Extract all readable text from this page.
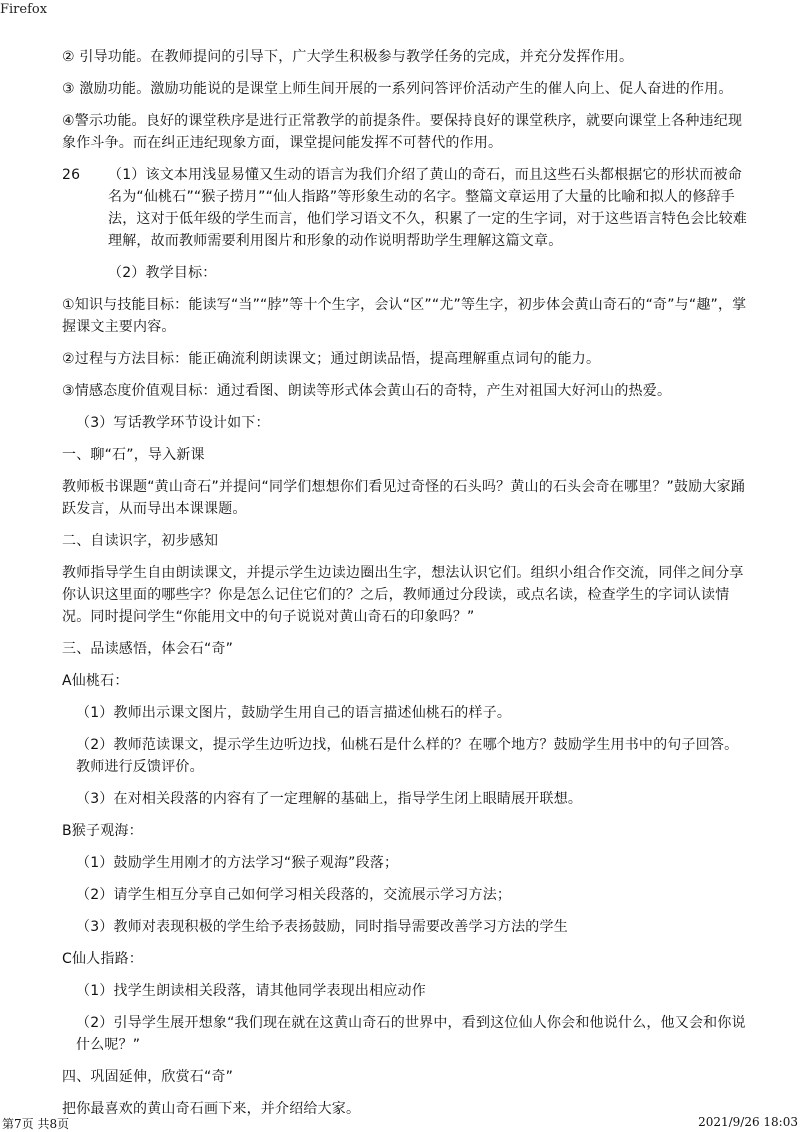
Firefox

② 引导功能。在教师提问的引导下，广大学生积极参与教学任务的完成，并充分发挥作用。

③ 激励功能。激励功能说的是课堂上师生间开展的一系列问答评价活动产生的催人向上、促人奋进的作用。

④警示功能。良好的课堂秩序是进行正常教学的前提条件。要保持良好的课堂秩序，就要向课堂上各种违纪现象作斗争。而在纠正违纪现象方面，课堂提问能发挥不可替代的作用。

26 （1）该文本用浅显易懂又生动的语言为我们介绍了黄山的奇石，而且这些石头都根据它的形状而被命名为“仙桃石”“猴子捞月”“仙人指路”等形象生动的名字。整篇文章运用了大量的比喻和拟人的修辞手法，这对于低年级的学生而言，他们学习语文不久，积累了一定的生字词，对于这些语言特色会比较难理解，故而教师需要利用图片和形象的动作说明帮助学生理解这篇文章。

（2）教学目标：

①知识与技能目标：能读写“当”“脖”等十个生字，会认“区”“尤”等生字，初步体会黄山奇石的“奇”与“趣”，掌握课文主要内容。

②过程与方法目标：能正确流利朗读课文；通过朗读品悟，提高理解重点词句的能力。

③情感态度价值观目标：通过看图、朗读等形式体会黄山石的奇特，产生对祖国大好河山的热爱。

（3）写话教学环节设计如下：

一、聊“石”，导入新课

教师板书课题“黄山奇石”并提问“同学们想想你们看见过奇怪的石头吗？黄山的石头会奇在哪里？”鼓励大家踊跃发言，从而导出本课课题。

二、自读识字，初步感知

教师指导学生自由朗读课文，并提示学生边读边圈出生字，想法认识它们。组织小组合作交流，同伴之间分享你认识这里面的哪些字？你是怎么记住它们的？之后，教师通过分段读，或点名读，检查学生的字词认读情况。同时提问学生“你能用文中的句子说说对黄山奇石的印象吗？”

三、品读感悟，体会石“奇”

A仙桃石：

（1）教师出示课文图片，鼓励学生用自己的语言描述仙桃石的样子。

（2）教师范读课文，提示学生边听边找，仙桃石是什么样的？在哪个地方？鼓励学生用书中的句子回答。教师进行反馈评价。

（3）在对相关段落的内容有了一定理解的基础上，指导学生闭上眼睛展开联想。

B猴子观海：

（1）鼓励学生用刚才的方法学习“猴子观海”段落；

（2）请学生相互分享自己如何学习相关段落的，交流展示学习方法；

（3）教师对表现积极的学生给予表扬鼓励，同时指导需要改善学习方法的学生

C仙人指路：

（1）找学生朗读相关段落，请其他同学表现出相应动作

（2）引导学生展开想象“我们现在就在这黄山奇石的世界中，看到这位仙人你会和他说什么，他又会和你说什么呢？”

四、巩固延伸，欣赏石“奇”

把你最喜欢的黄山奇石画下来，并介绍给大家。

第7页 共8页	2021/9/26 18:03
